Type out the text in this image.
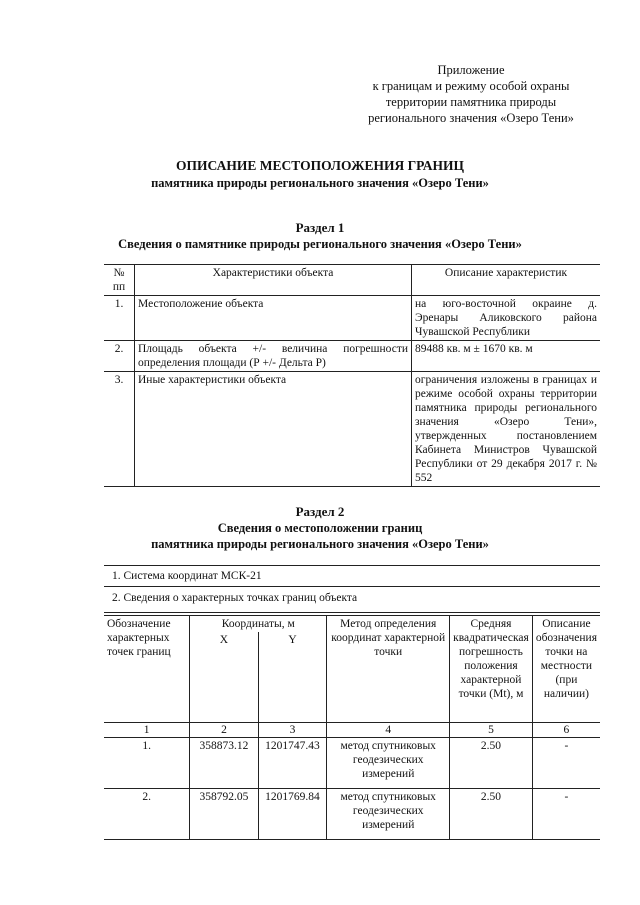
Приложение
к границам и режиму особой охраны
территории памятника природы
регионального значения «Озеро Тени»
ОПИСАНИЕ МЕСТОПОЛОЖЕНИЯ ГРАНИЦ
памятника природы регионального значения «Озеро Тени»
Раздел 1
Сведения о памятнике природы регионального значения «Озеро Тени»
№ пп	Характеристики объекта	Описание характеристик
1.	Местоположение объекта	на юго-восточной окраине д. Эренары Аликовского района Чувашской Республики
2.	Площадь объекта +/- величина погрешности определения площади (Р +/- Дельта Р)	89488 кв. м ± 1670 кв. м
3.	Иные характеристики объекта	ограничения изложены в границах и режиме особой охраны территории памятника природы регионального значения «Озеро Тени», утвержденных постановлением Кабинета Министров Чувашской Республики от 29 декабря 2017 г. № 552
Раздел 2
Сведения о местоположении границ
памятника природы регионального значения «Озеро Тени»
1. Система координат МСК-21
2. Сведения о характерных точках границ объекта
Обозначение характерных точек границ	Координаты, м		Метод определения координат характерной точки	Средняя квадратическая погрешность положения характерной точки (Mt), м	Описание обозначения точки на местности (при наличии)
	X	Y			
1	2	3	4	5	6
1.	358873.12	1201747.43	метод спутниковых геодезических измерений	2.50	-
2.	358792.05	1201769.84	метод спутниковых геодезических измерений	2.50	-
